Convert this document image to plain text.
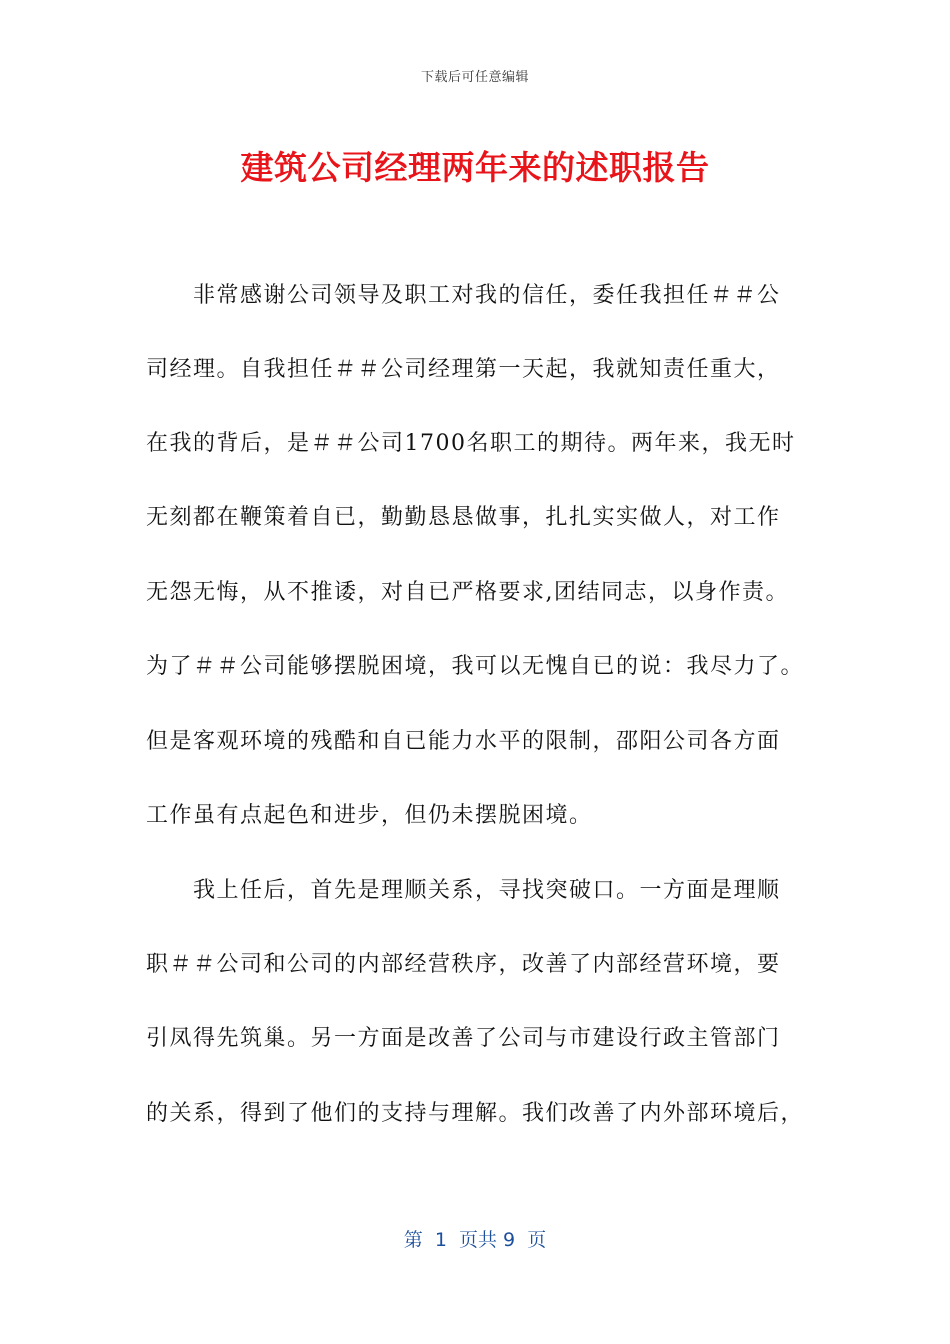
下载后可任意编辑
建筑公司经理两年来的述职报告
　　非常感谢公司领导及职工对我的信任，委任我担任＃＃公
司经理。自我担任＃＃公司经理第一天起，我就知责任重大，
在我的背后，是＃＃公司1700名职工的期待。两年来，我无时
无刻都在鞭策着自已，勤勤恳恳做事，扎扎实实做人，对工作
无怨无悔，从不推诿，对自已严格要求,团结同志，以身作责。
为了＃＃公司能够摆脱困境，我可以无愧自已的说：我尽力了。
但是客观环境的残酷和自已能力水平的限制，邵阳公司各方面
工作虽有点起色和进步，但仍未摆脱困境。
　　我上任后，首先是理顺关系，寻找突破口。一方面是理顺
职＃＃公司和公司的内部经营秩序，改善了内部经营环境，要
引凤得先筑巢。另一方面是改善了公司与市建设行政主管部门
的关系，得到了他们的支持与理解。我们改善了内外部环境后，
第  1  页共 9  页
